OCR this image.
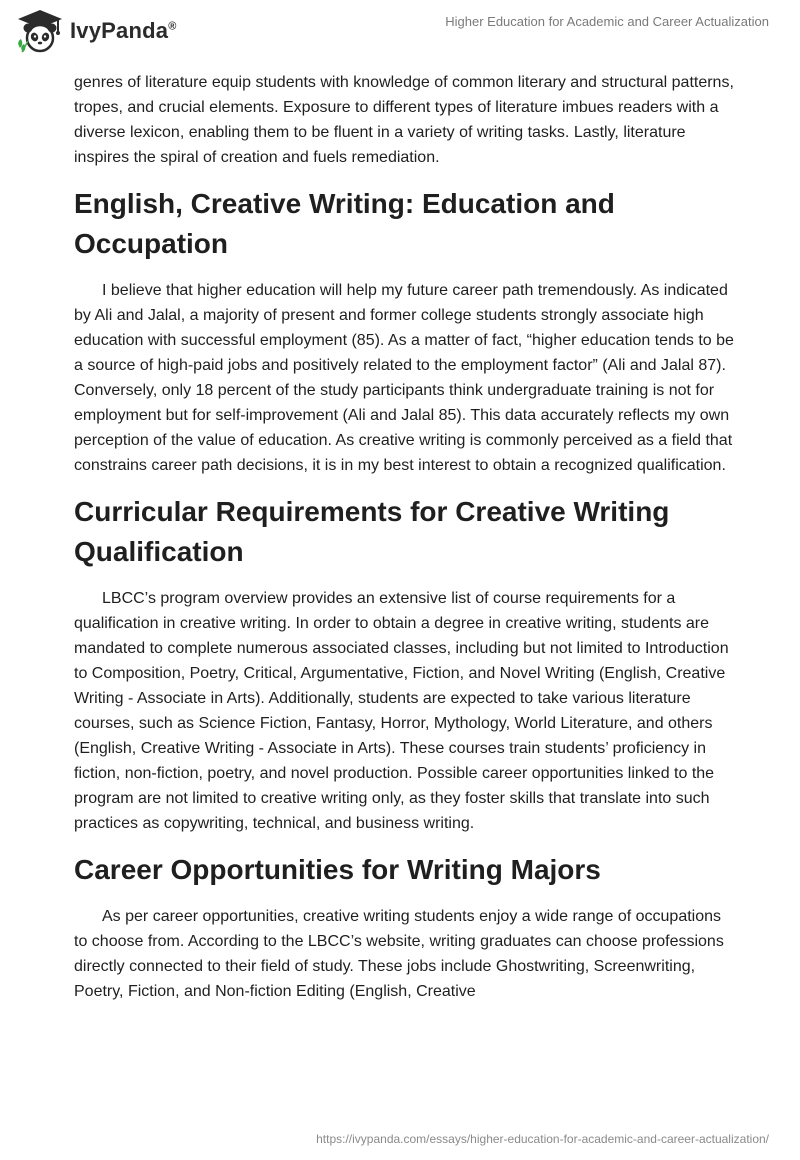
IvyPanda®	Higher Education for Academic and Career Actualization

genres of literature equip students with knowledge of common literary and structural patterns, tropes, and crucial elements. Exposure to different types of literature imbues readers with a diverse lexicon, enabling them to be fluent in a variety of writing tasks. Lastly, literature inspires the spiral of creation and fuels remediation.

English, Creative Writing: Education and Occupation

I believe that higher education will help my future career path tremendously. As indicated by Ali and Jalal, a majority of present and former college students strongly associate high education with successful employment (85). As a matter of fact, “higher education tends to be a source of high-paid jobs and positively related to the employment factor” (Ali and Jalal 87). Conversely, only 18 percent of the study participants think undergraduate training is not for employment but for self-improvement (Ali and Jalal 85). This data accurately reflects my own perception of the value of education. As creative writing is commonly perceived as a field that constrains career path decisions, it is in my best interest to obtain a recognized qualification.

Curricular Requirements for Creative Writing Qualification

LBCC’s program overview provides an extensive list of course requirements for a qualification in creative writing. In order to obtain a degree in creative writing, students are mandated to complete numerous associated classes, including but not limited to Introduction to Composition, Poetry, Critical, Argumentative, Fiction, and Novel Writing (English, Creative Writing - Associate in Arts). Additionally, students are expected to take various literature courses, such as Science Fiction, Fantasy, Horror, Mythology, World Literature, and others (English, Creative Writing - Associate in Arts). These courses train students’ proficiency in fiction, non-fiction, poetry, and novel production. Possible career opportunities linked to the program are not limited to creative writing only, as they foster skills that translate into such practices as copywriting, technical, and business writing.

Career Opportunities for Writing Majors

As per career opportunities, creative writing students enjoy a wide range of occupations to choose from. According to the LBCC’s website, writing graduates can choose professions directly connected to their field of study. These jobs include Ghostwriting, Screenwriting, Poetry, Fiction, and Non-fiction Editing (English, Creative

https://ivypanda.com/essays/higher-education-for-academic-and-career-actualization/
